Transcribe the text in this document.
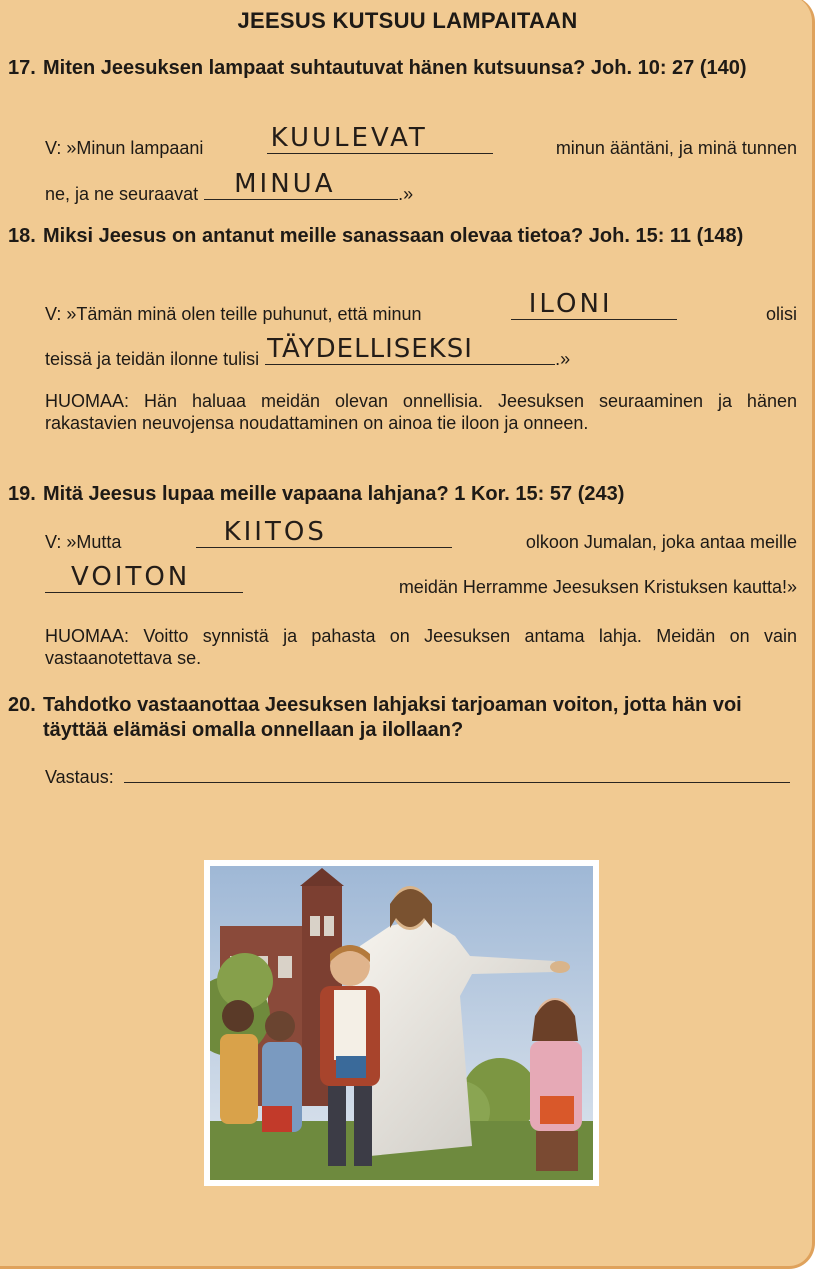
JEESUS KUTSUU LAMPAITAAN
17. Miten Jeesuksen lampaat suhtautuvat hänen kutsuunsa? Joh. 10: 27 (140)
V: »Minun lampaani	KUULEVAT	minun ääntäni, ja minä tunnen
ne, ja ne seuraavat MINUA	.»
18. Miksi Jeesus on antanut meille sanassaan olevaa tietoa? Joh. 15: 11 (148)
V: »Tämän minä olen teille puhunut, että minun	ILONI	olisi
teissä ja teidän ilonne tulisi TÄYDELLISEKSI	.»
HUOMAA: Hän haluaa meidän olevan onnellisia. Jeesuksen seuraaminen ja hänen rakastavien neuvojensa noudattaminen on ainoa tie iloon ja onneen.
19. Mitä Jeesus lupaa meille vapaana lahjana? 1 Kor. 15: 57 (243)
V: »Mutta	KIITOS	olkoon Jumalan, joka antaa meille
VOITON	meidän Herramme Jeesuksen Kristuksen kautta!»
HUOMAA: Voitto synnistä ja pahasta on Jeesuksen antama lahja. Meidän on vain vastaanotettava se.
20. Tahdotko vastaanottaa Jeesuksen lahjaksi tarjoaman voiton, jotta hän voi täyttää elämäsi omalla onnellaan ja ilollaan?
Vastaus:
